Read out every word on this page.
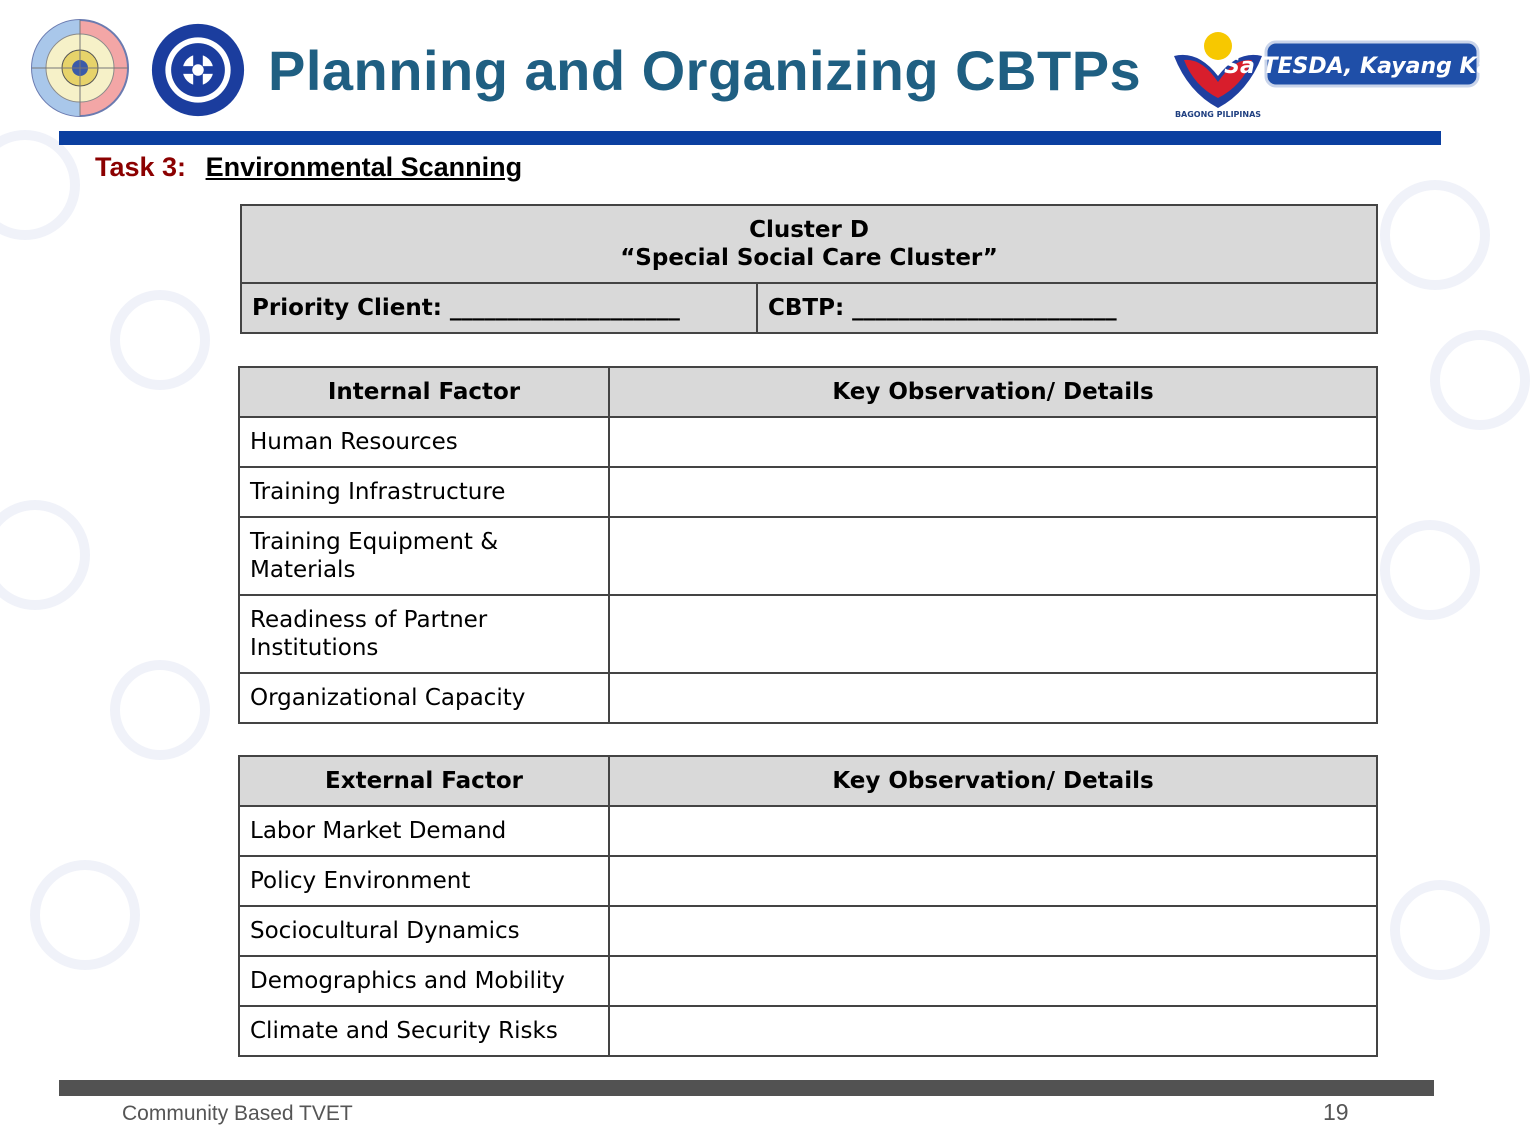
BAGONG PILIPINAS
Sa TESDA, Kayang Kaya
Planning and Organizing CBTPs
Task 3: Environmental Scanning
Cluster D
“Special Social Care Cluster”

Priority Client: ____________________	CBTP: _______________________
Internal Factor	Key Observation/ Details
Human Resources	
Training Infrastructure	
Training Equipment & Materials	
Readiness of Partner Institutions	
Organizational Capacity	
External Factor	Key Observation/ Details
Labor Market Demand	
Policy Environment	
Sociocultural Dynamics	
Demographics and Mobility	
Climate and Security Risks	
Community Based TVET	19
